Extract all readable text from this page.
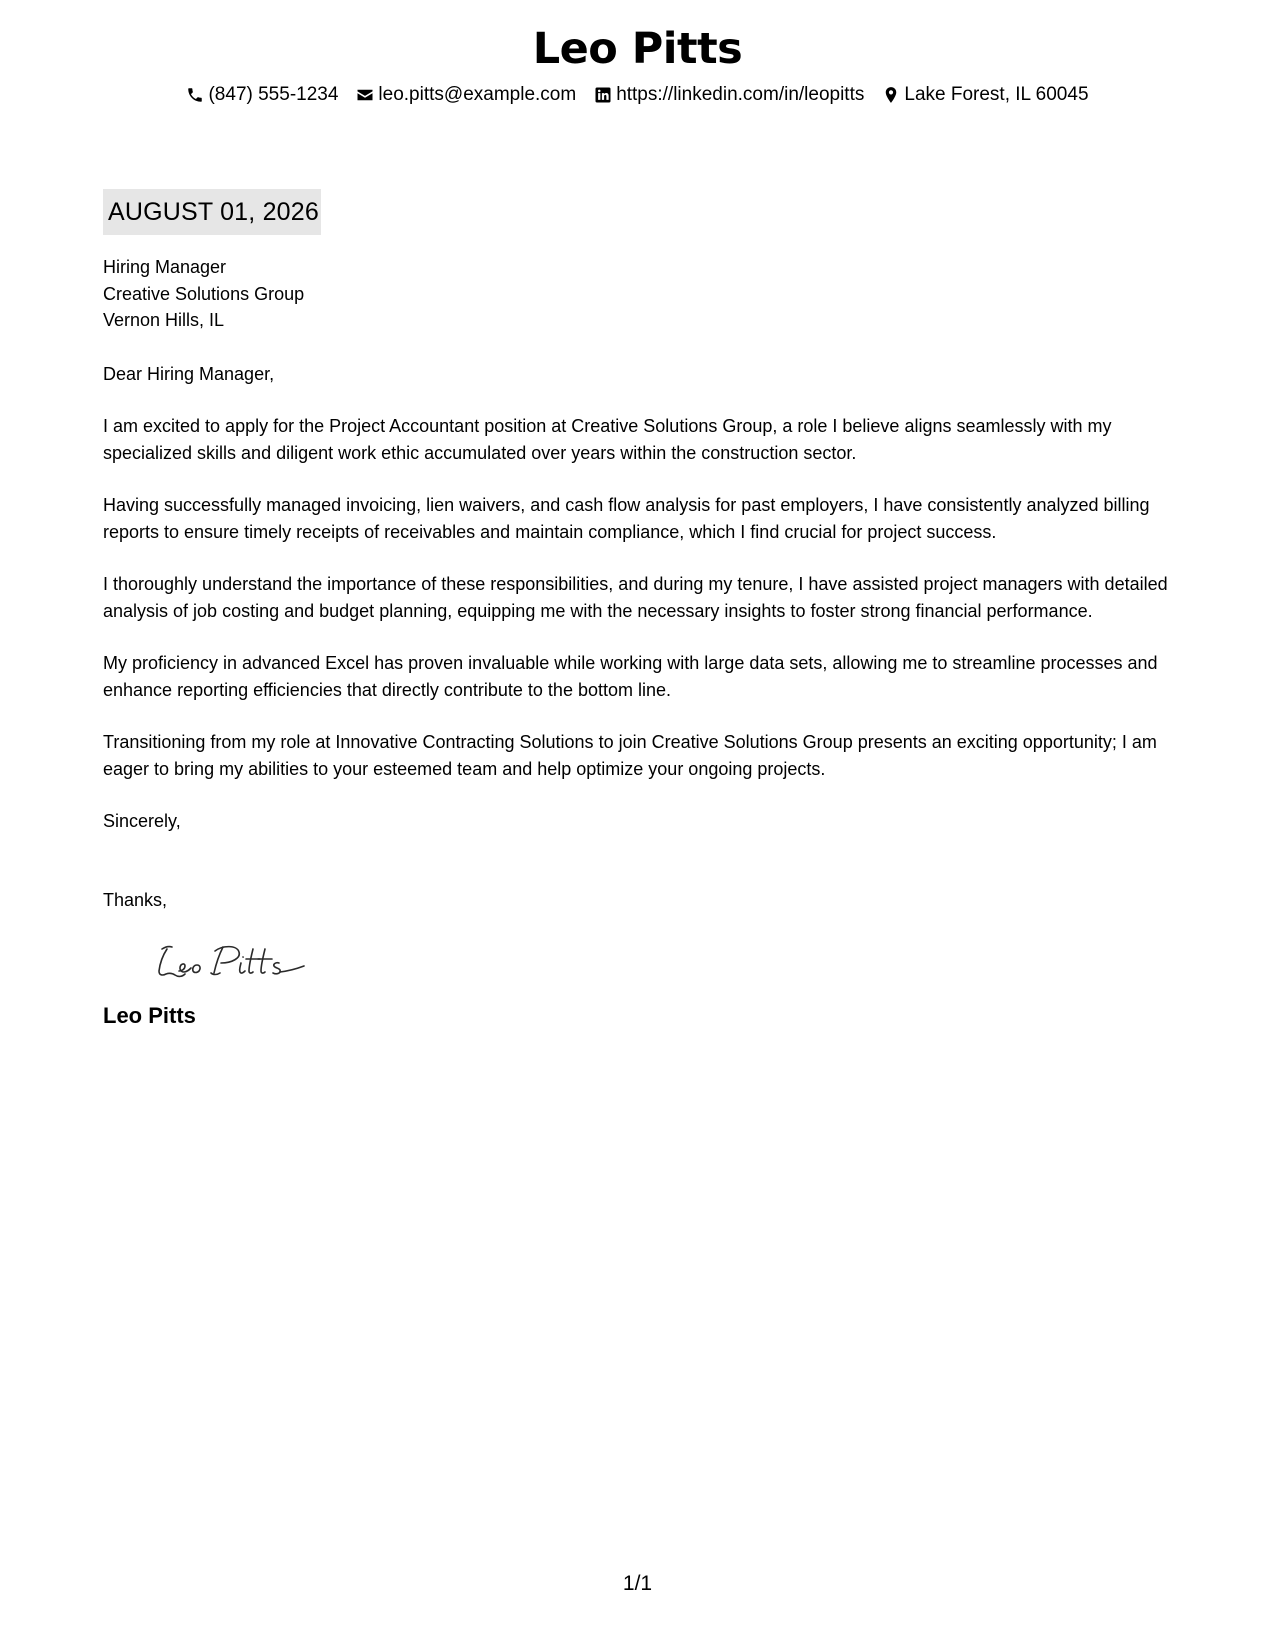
Leo Pitts
(847) 555-1234 leo.pitts@example.com https://linkedin.com/in/leopitts Lake Forest, IL 60045
AUGUST 01, 2026
Hiring Manager
Creative Solutions Group
Vernon Hills, IL
Dear Hiring Manager,

I am excited to apply for the Project Accountant position at Creative Solutions Group, a role I believe aligns seamlessly with my specialized skills and diligent work ethic accumulated over years within the construction sector.

Having successfully managed invoicing, lien waivers, and cash flow analysis for past employers, I have consistently analyzed billing reports to ensure timely receipts of receivables and maintain compliance, which I find crucial for project success.

I thoroughly understand the importance of these responsibilities, and during my tenure, I have assisted project managers with detailed analysis of job costing and budget planning, equipping me with the necessary insights to foster strong financial performance.

My proficiency in advanced Excel has proven invaluable while working with large data sets, allowing me to streamline processes and enhance reporting efficiencies that directly contribute to the bottom line.

Transitioning from my role at Innovative Contracting Solutions to join Creative Solutions Group presents an exciting opportunity; I am eager to bring my abilities to your esteemed team and help optimize your ongoing projects.

Sincerely,
Thanks,
Leo Pitts
1/1
